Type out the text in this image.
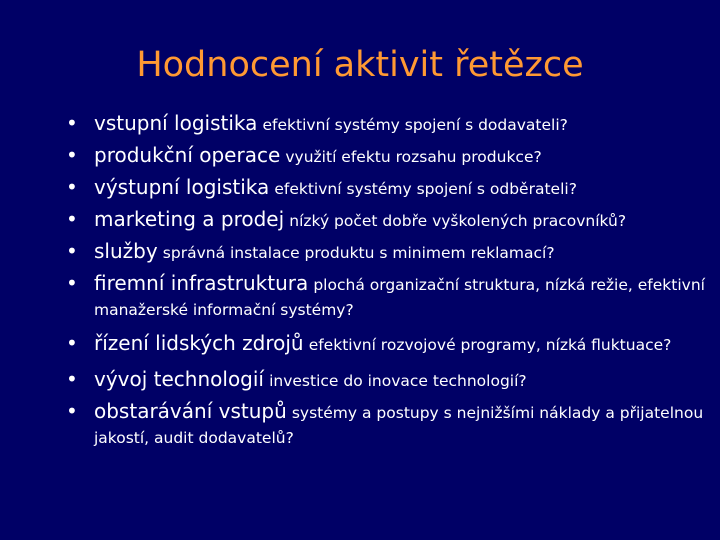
Hodnocení aktivit řetězce
• vstupní logistika efektivní systémy spojení s dodavateli?
• produkční operace využití efektu rozsahu produkce?
• výstupní logistika efektivní systémy spojení s odběrateli?
• marketing a prodej nízký počet dobře vyškolených pracovníků?
• služby správná instalace produktu s minimem reklamací?
• firemní infrastruktura plochá organizační struktura, nízká režie, efektivní manažerské informační systémy?
• řízení lidských zdrojů efektivní rozvojové programy, nízká fluktuace?
• vývoj technologií investice do inovace technologií?
• obstarávání vstupů systémy a postupy s nejnižšími náklady a přijatelnou jakostí, audit dodavatelů?
